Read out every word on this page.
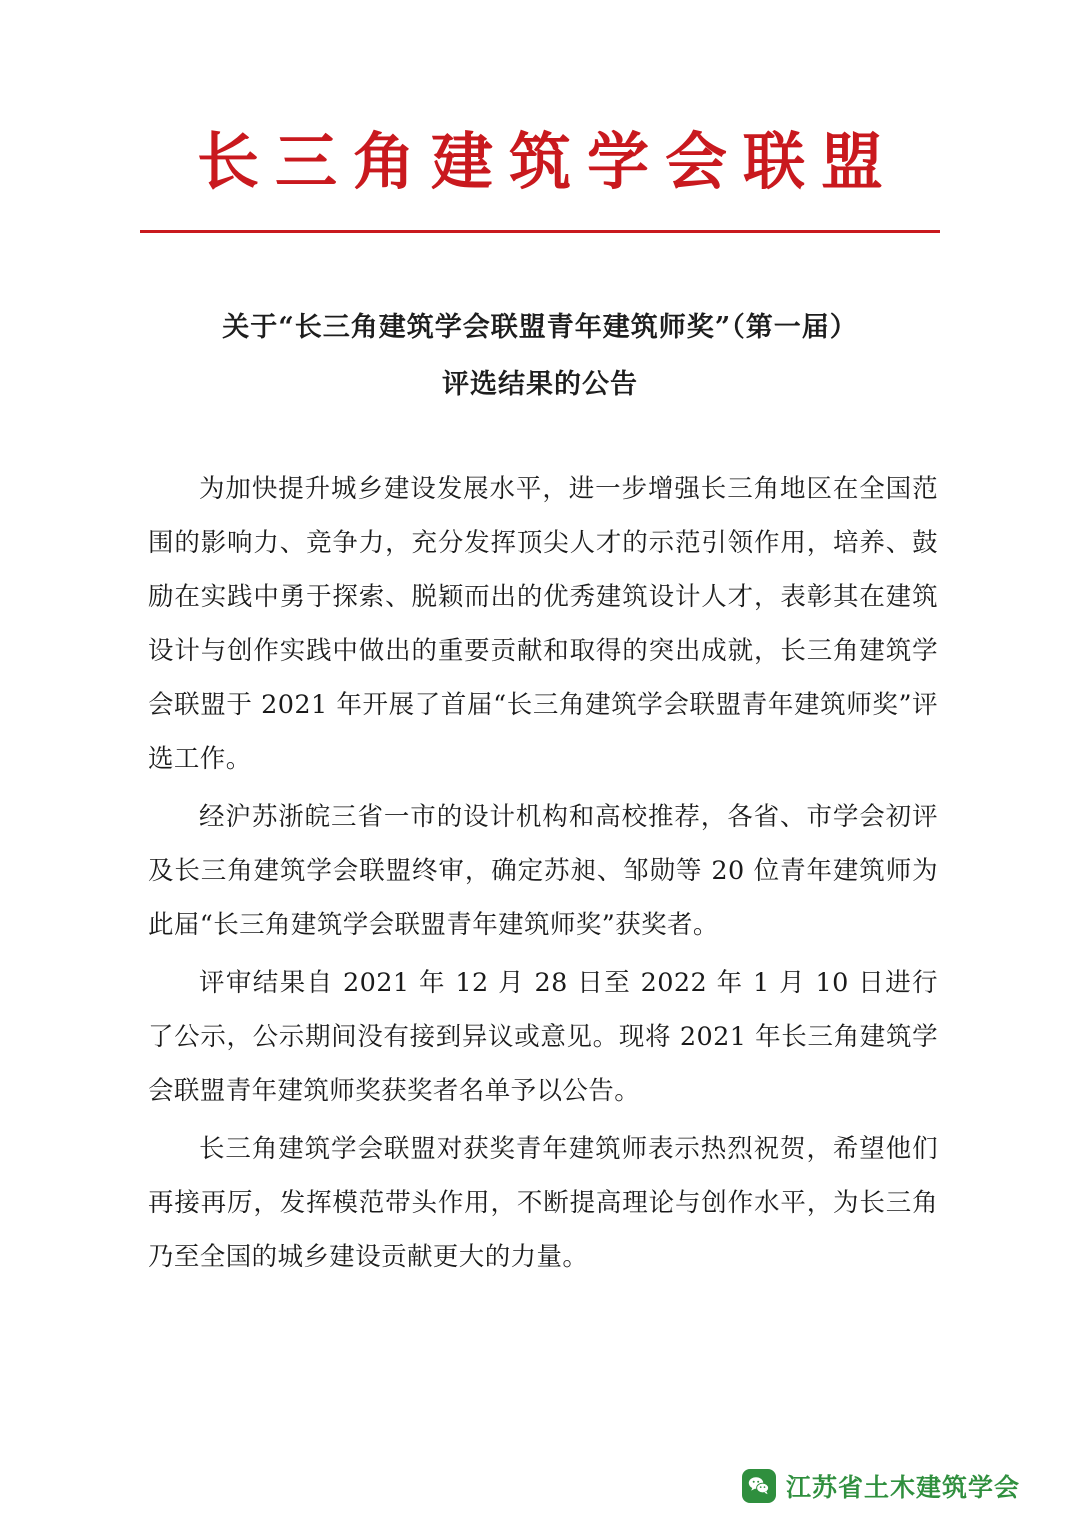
长三角建筑学会联盟
关于“长三角建筑学会联盟青年建筑师奖”（第一届）
评选结果的公告

为加快提升城乡建设发展水平，进一步增强长三角地区在全国范围的影响力、竞争力，充分发挥顶尖人才的示范引领作用，培养、鼓励在实践中勇于探索、脱颖而出的优秀建筑设计人才，表彰其在建筑设计与创作实践中做出的重要贡献和取得的突出成就，长三角建筑学会联盟于 2021 年开展了首届“长三角建筑学会联盟青年建筑师奖”评选工作。

经沪苏浙皖三省一市的设计机构和高校推荐，各省、市学会初评及长三角建筑学会联盟终审，确定苏昶、邹勋等 20 位青年建筑师为此届“长三角建筑学会联盟青年建筑师奖”获奖者。

评审结果自 2021 年 12 月 28 日至 2022 年 1 月 10 日进行了公示，公示期间没有接到异议或意见。现将 2021 年长三角建筑学会联盟青年建筑师奖获奖者名单予以公告。

长三角建筑学会联盟对获奖青年建筑师表示热烈祝贺，希望他们再接再厉，发挥模范带头作用，不断提高理论与创作水平，为长三角乃至全国的城乡建设贡献更大的力量。

江苏省土木建筑学会
